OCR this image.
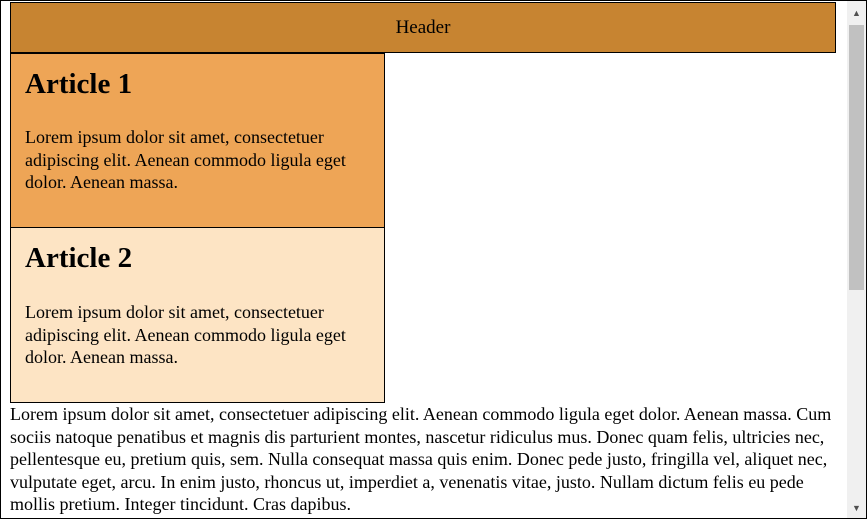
Header
Article 1

Lorem ipsum dolor sit amet, consectetuer adipiscing elit. Aenean commodo ligula eget dolor. Aenean massa.

Article 2

Lorem ipsum dolor sit amet, consectetuer adipiscing elit. Aenean commodo ligula eget dolor. Aenean massa.

Lorem ipsum dolor sit amet, consectetuer adipiscing elit. Aenean commodo ligula eget dolor. Aenean massa. Cum sociis natoque penatibus et magnis dis parturient montes, nascetur ridiculus mus. Donec quam felis, ultricies nec, pellentesque eu, pretium quis, sem. Nulla consequat massa quis enim. Donec pede justo, fringilla vel, aliquet nec, vulputate eget, arcu. In enim justo, rhoncus ut, imperdiet a, venenatis vitae, justo. Nullam dictum felis eu pede mollis pretium. Integer tincidunt. Cras dapibus.

▲
▼
